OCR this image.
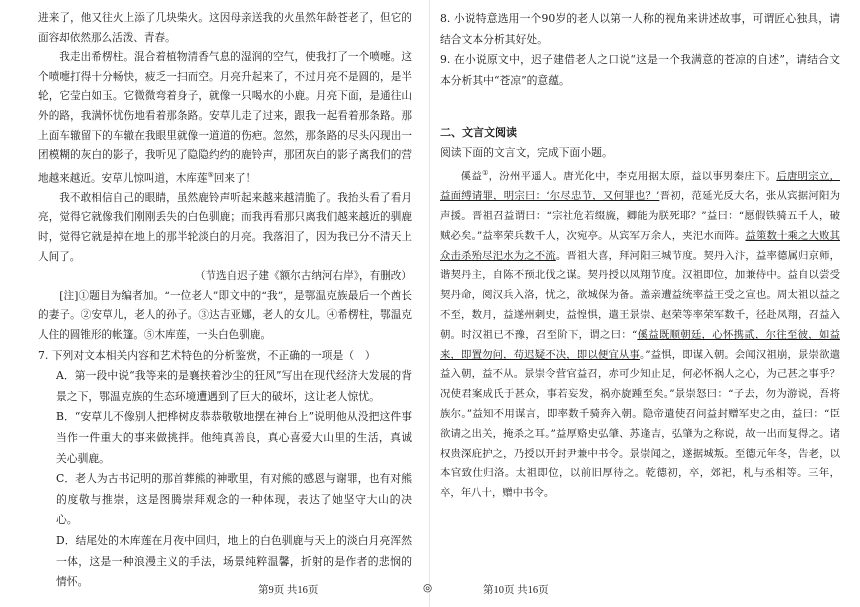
进来了，他又往火上添了几块柴火。这因母亲送我的火虽然年龄苍老了，但它的面容却依然那么活泼、青春。

我走出希楞柱。混合着植物清香气息的湿润的空气，使我打了一个喷嚏。这个喷嚏打得十分畅快，疲乏一扫而空。月亮升起来了，不过月亮不是圆的，是半轮，它莹白如玉。它微微弯着身子，就像一只喝水的小鹿。月亮下面，是通往山外的路，我满怀忧伤地看着那条路。安草儿走了过来，跟我一起看着那条路。那上面车辙留下的车辙在我眼里就像一道道的伤疤。忽然，那条路的尽头闪现出一团模糊的灰白的影子，我听见了隐隐约约的鹿铃声，那团灰白的影子离我们的营地越来越近。安草儿惊叫道，木库莲⑤回来了！

我不敢相信自己的眼睛，虽然鹿铃声听起来越来越清脆了。我抬头看了看月亮，觉得它就像我们刚刚丢失的白色驯鹿；而我再看那只离我们越来越近的驯鹿时，觉得它就是掉在地上的那半轮淡白的月亮。我落泪了，因为我已分不清天上人间了。

（节选自迟子建《额尔古纳河右岸》，有删改）

[注]①题目为编者加。“一位老人”即文中的“我”，是鄂温克族最后一个酋长的妻子。②安草儿，老人的孙子。③达吉亚娜，老人的女儿。④希楞柱，鄂温克人住的圆锥形的帐篷。⑤木库莲，一头白色驯鹿。

7. 下列对文本相关内容和艺术特色的分析鉴赏，不正确的一项是（　）

A．第一段中说“我等来的是襄挟着沙尘的狂风”写出在现代经济大发展的背景之下，鄂温克族的生态环境遭遇到了巨大的破坏，这让老人惊忧。

B．“安草儿不像别人把桦树皮恭恭敬敬地摆在神台上”说明他从没把这件事当作一件重大的事来做挑拌。他纯真善良，真心喜爱大山里的生活，真诚关心驯鹿。

C．老人为古书记明的那首葬熊的神歌里，有对熊的感恩与谢罪，也有对熊的度敬与推崇，这是图腾崇拜观念的一种体现，表达了她坚守大山的决心。

D．结尾处的木库莲在月夜中回归，地上的白色驯鹿与天上的淡白月亮浑然一体，这是一种浪漫主义的手法，场景纯粹温馨，折射的是作者的悲悯的情怀。

8. 小说特意选用一个90岁的老人以第一人称的视角来讲述故事，可谓匠心独具，请结合文本分析其好处。

9. 在小说原文中，迟子建借老人之口说“这是一个我满意的苍凉的自述”，请结合文本分析其中“苍凉”的意蕴。

二、文言文阅读

阅读下面的文言文，完成下面小题。

傒益①，汾州平遥人。唐光化中，李克用据太原，益以事男秦庄下。后唐明宗立，益面缚请罪，明宗曰：‘尔尽忠节，又何罪也？’晋初，范延光反大名，张从宾据河阳为声援。晋祖召益谓曰：“宗社危若缀旒，卿能为朕死耶？”益曰：“愿假铁骑五千人，破贼必矣。”益率荣兵数千人，次宛亭。从宾军万余人，夹汜水而阵。益策数十乘之大败其众击杀殆尽汜水为之不流。晋祖大喜，拜河阳三城节度。契丹入汴，益率德属归京师，谐契丹主，自陈不预北伐之谋。契丹授以凤翔节度。汉祖即位，加兼侍中。益自以尝受契丹命，阅汉兵入洛，忧之，欲城保为备。盖亲遭益统率益王受之宣也。周太祖以益之不至，数月，益遂州刺史，益惶惧，遣王景崇、赵荣等率荣军数千，径赴凤翔，召益入朝。时汉祖已不豫，召至阶下，谓之曰：“傒益既顺朝廷，心怀携贰，尔往至彼，如益来，即置勿问，苟迟疑不决，即以便宜从事。”益惧，即谋入朝。会闻汉祖崩，景崇欲遣益入朝，益不从。景崇令营官益召，赤可少知止足，何必怀祸人之心，为己甚之事乎？况使君案成氏于甚众，事若妄发，祸亦旋踵至矣。”景崇怒曰：“子去，勿为游说，吾将族尔。”益知不用谋言，即率数千骑奔入朝。隐帝遣使召问益封赠军史之由，益曰：“臣欲请之出关，掩杀之耳。”益厚赂史弘肇、苏逢吉，弘肇为之称说，故一出而复得之。诸权贵深庇护之，乃授以开封尹兼中书令。景崇闻之，遂据城叛。至德元年冬，告老，以本官致仕归洛。太祖即位，以前旧厚待之。乾德初，卒，郊祀，札与丞相等。三年，卒，年八十，赠中书令。

第9页 共16页	◎	第10页 共16页
